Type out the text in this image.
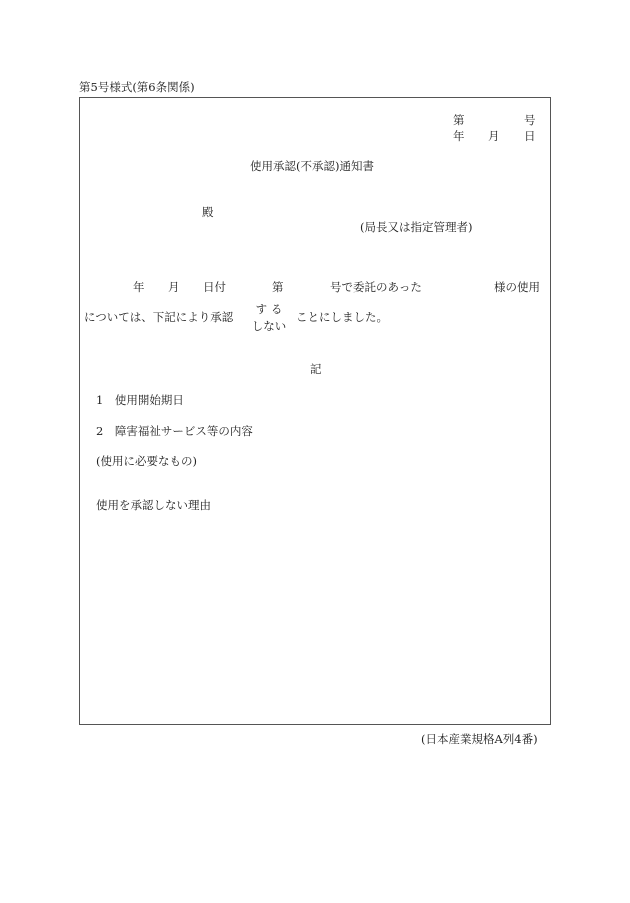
第5号様式(第6条関係)
第	号
年 月 日
使用承認(不承認)通知書
殿
(局長又は指定管理者)
年 月 日付	第	号で委託のあった	様の使用
については、下記により承認
す る
しない
ことにしました。
記
1　使用開始期日
2　障害福祉サービス等の内容
(使用に必要なもの)
使用を承認しない理由
(日本産業規格A列4番)
